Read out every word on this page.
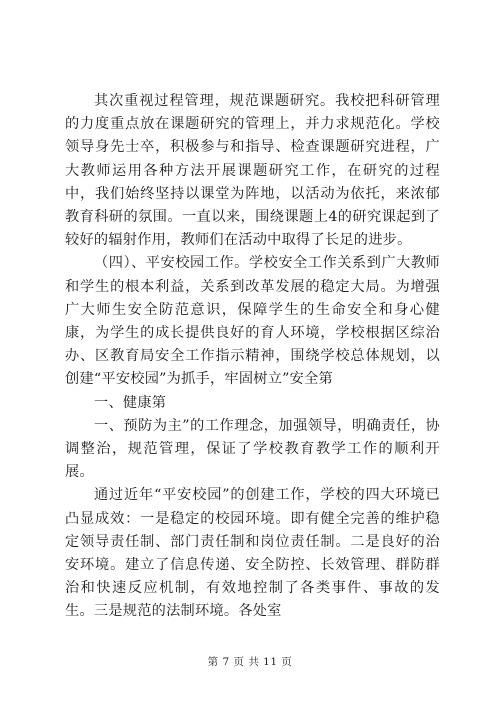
其次重视过程管理，规范课题研究。我校把科研管理的力度重点放在课题研究的管理上，并力求规范化。学校领导身先士卒，积极参与和指导、检查课题研究进程，广大教师运用各种方法开展课题研究工作，在研究的过程中，我们始终坚持以课堂为阵地，以活动为依托，来浓郁教育科研的氛围。一直以来，围绕课题上4的研究课起到了较好的辐射作用，教师们在活动中取得了长足的进步。

（四）、平安校园工作。学校安全工作关系到广大教师和学生的根本利益，关系到改革发展的稳定大局。为增强广大师生安全防范意识，保障学生的生命安全和身心健康，为学生的成长提供良好的育人环境，学校根据区综治办、区教育局安全工作指示精神，围绕学校总体规划，以创建“平安校园”为抓手，牢固树立”安全第

一、健康第

一、预防为主”的工作理念，加强领导，明确责任，协调整治，规范管理，保证了学校教育教学工作的顺利开展。

通过近年“平安校园”的创建工作，学校的四大环境已凸显成效：一是稳定的校园环境。即有健全完善的维护稳定领导责任制、部门责任制和岗位责任制。二是良好的治安环境。建立了信息传递、安全防控、长效管理、群防群治和快速反应机制，有效地控制了各类事件、事故的发生。三是规范的法制环境。各处室

第 7 页 共 11 页
